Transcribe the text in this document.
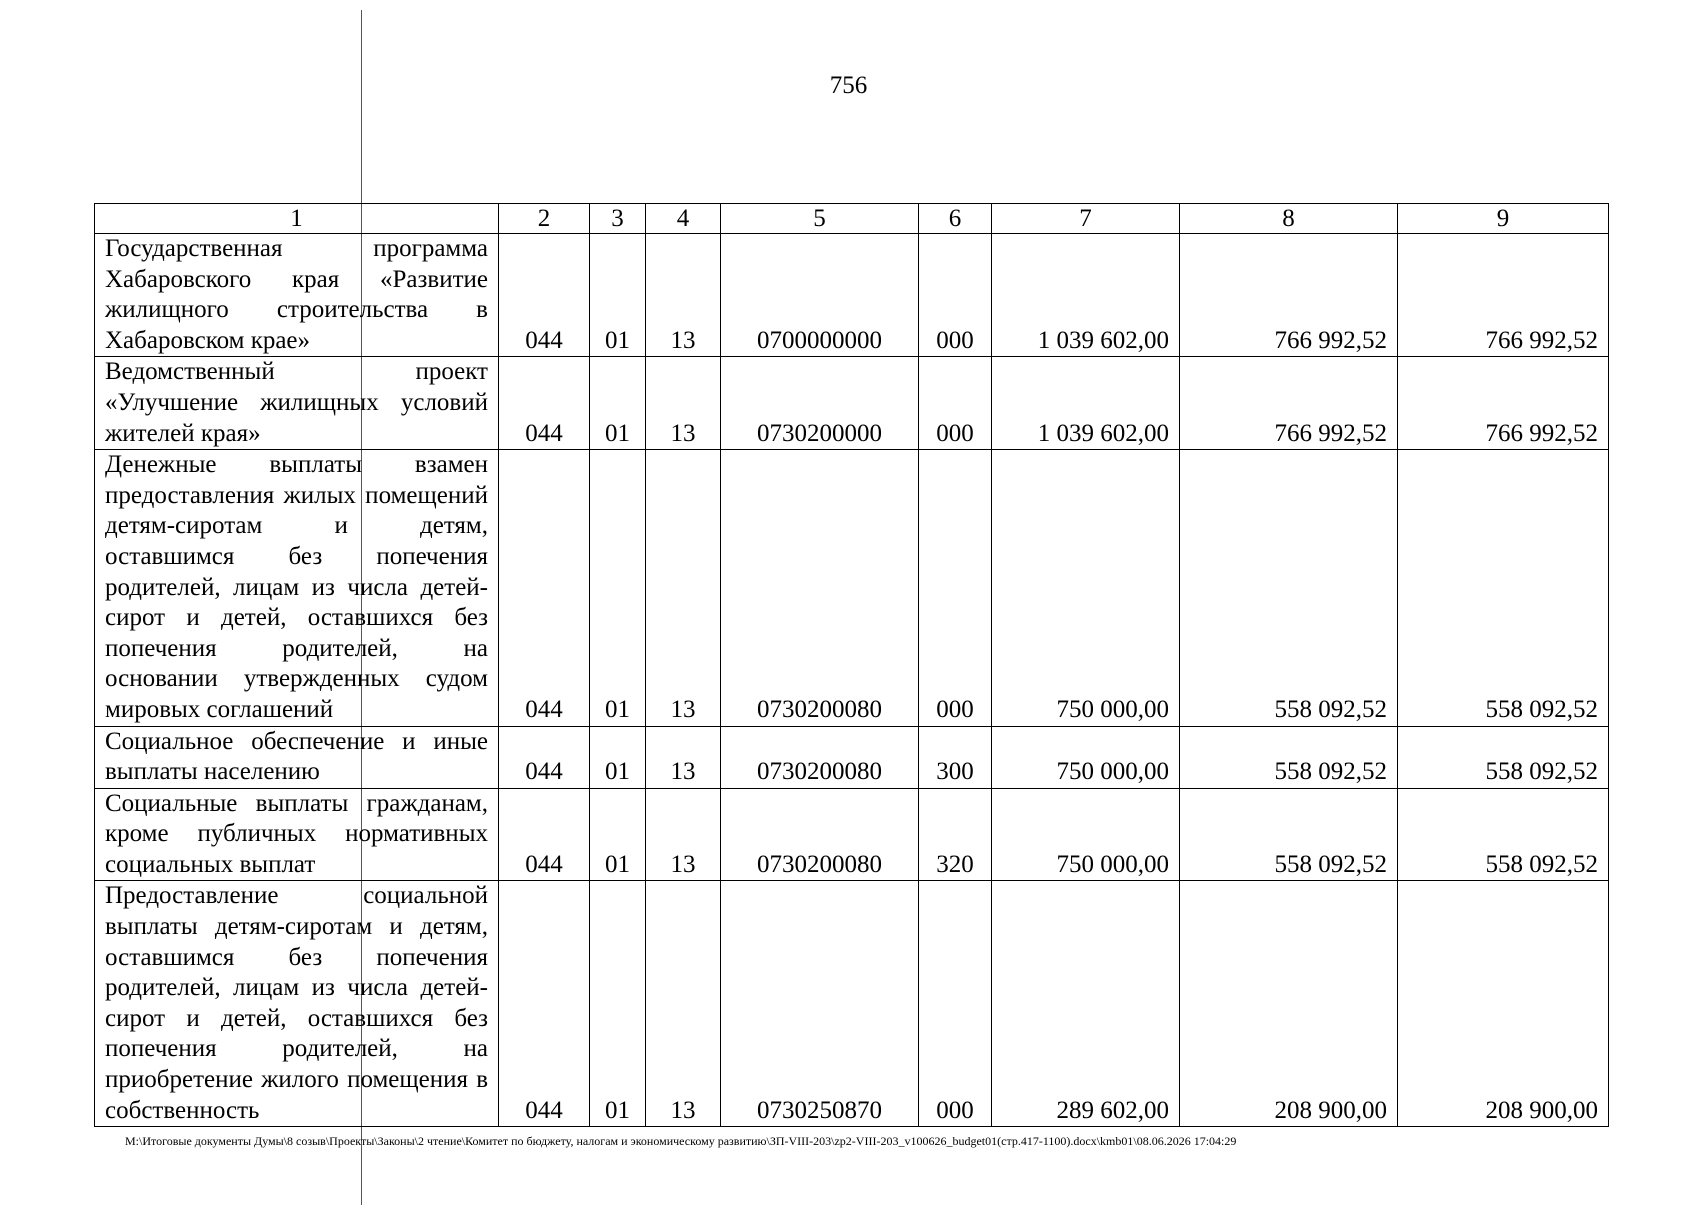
756
1	2	3	4	5	6	7	8	9
Государственная программа Хабаровского края «Развитие жилищного строительства в Хабаровском крае»	044	01	13	0700000000	000	1 039 602,00	766 992,52	766 992,52
Ведомственный проект «Улучшение жилищных условий жителей края»	044	01	13	0730200000	000	1 039 602,00	766 992,52	766 992,52
Денежные выплаты взамен предоставления жилых помещений детям-сиротам и детям, оставшимся без попечения родителей, лицам из числа детей-сирот и детей, оставшихся без попечения родителей, на основании утвержденных судом мировых соглашений	044	01	13	0730200080	000	750 000,00	558 092,52	558 092,52
Социальное обеспечение и иные выплаты населению	044	01	13	0730200080	300	750 000,00	558 092,52	558 092,52
Социальные выплаты гражданам, кроме публичных нормативных социальных выплат	044	01	13	0730200080	320	750 000,00	558 092,52	558 092,52
Предоставление социальной выплаты детям-сиротам и детям, оставшимся без попечения родителей, лицам из числа детей-сирот и детей, оставшихся без попечения родителей, на приобретение жилого помещения в собственность	044	01	13	0730250870	000	289 602,00	208 900,00	208 900,00
M:\Итоговые документы Думы\8 созыв\Проекты\Законы\2 чтение\Комитет по бюджету, налогам и экономическому развитию\ЗП-VIII-203\zp2-VIII-203_v100626_budget01(стр.417-1100).docx\kmb01\08.06.2026 17:04:29
